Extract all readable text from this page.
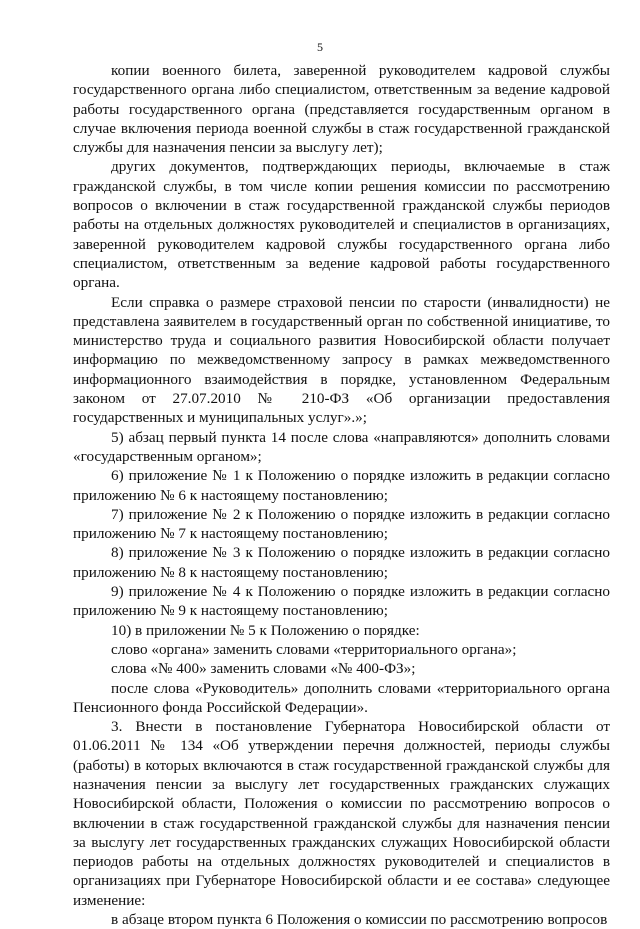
5

копии военного билета, заверенной руководителем кадровой службы государственного органа либо специалистом, ответственным за ведение кадровой работы государственного органа (представляется государственным органом в случае включения периода военной службы в стаж государственной гражданской службы для назначения пенсии за выслугу лет);

других документов, подтверждающих периоды, включаемые в стаж гражданской службы, в том числе копии решения комиссии по рассмотрению вопросов о включении в стаж государственной гражданской службы периодов работы на отдельных должностях руководителей и специалистов в организациях, заверенной руководителем кадровой службы государственного органа либо специалистом, ответственным за ведение кадровой работы государственного органа.

Если справка о размере страховой пенсии по старости (инвалидности) не представлена заявителем в государственный орган по собственной инициативе, то министерство труда и социального развития Новосибирской области получает информацию по межведомственному запросу в рамках межведомственного информационного взаимодействия в порядке, установленном Федеральным законом от 27.07.2010 № 210-ФЗ «Об организации предоставления государственных и муниципальных услуг».»;

5) абзац первый пункта 14 после слова «направляются» дополнить словами «государственным органом»;

6) приложение № 1 к Положению о порядке изложить в редакции согласно приложению № 6 к настоящему постановлению;

7) приложение № 2 к Положению о порядке изложить в редакции согласно приложению № 7 к настоящему постановлению;

8) приложение № 3 к Положению о порядке изложить в редакции согласно приложению № 8 к настоящему постановлению;

9) приложение № 4 к Положению о порядке изложить в редакции согласно приложению № 9 к настоящему постановлению;

10) в приложении № 5 к Положению о порядке:

слово «органа» заменить словами «территориального органа»;

слова «№ 400» заменить словами «№ 400-ФЗ»;

после слова «Руководитель» дополнить словами «территориального органа Пенсионного фонда Российской Федерации».

3. Внести в постановление Губернатора Новосибирской области от 01.06.2011 № 134 «Об утверждении перечня должностей, периоды службы (работы) в которых включаются в стаж государственной гражданской службы для назначения пенсии за выслугу лет государственных гражданских служащих Новосибирской области, Положения о комиссии по рассмотрению вопросов о включении в стаж государственной гражданской службы для назначения пенсии за выслугу лет государственных гражданских служащих Новосибирской области периодов работы на отдельных должностях руководителей и специалистов в организациях при Губернаторе Новосибирской области и ее состава» следующее изменение:

в абзаце втором пункта 6 Положения о комиссии по рассмотрению вопросов
